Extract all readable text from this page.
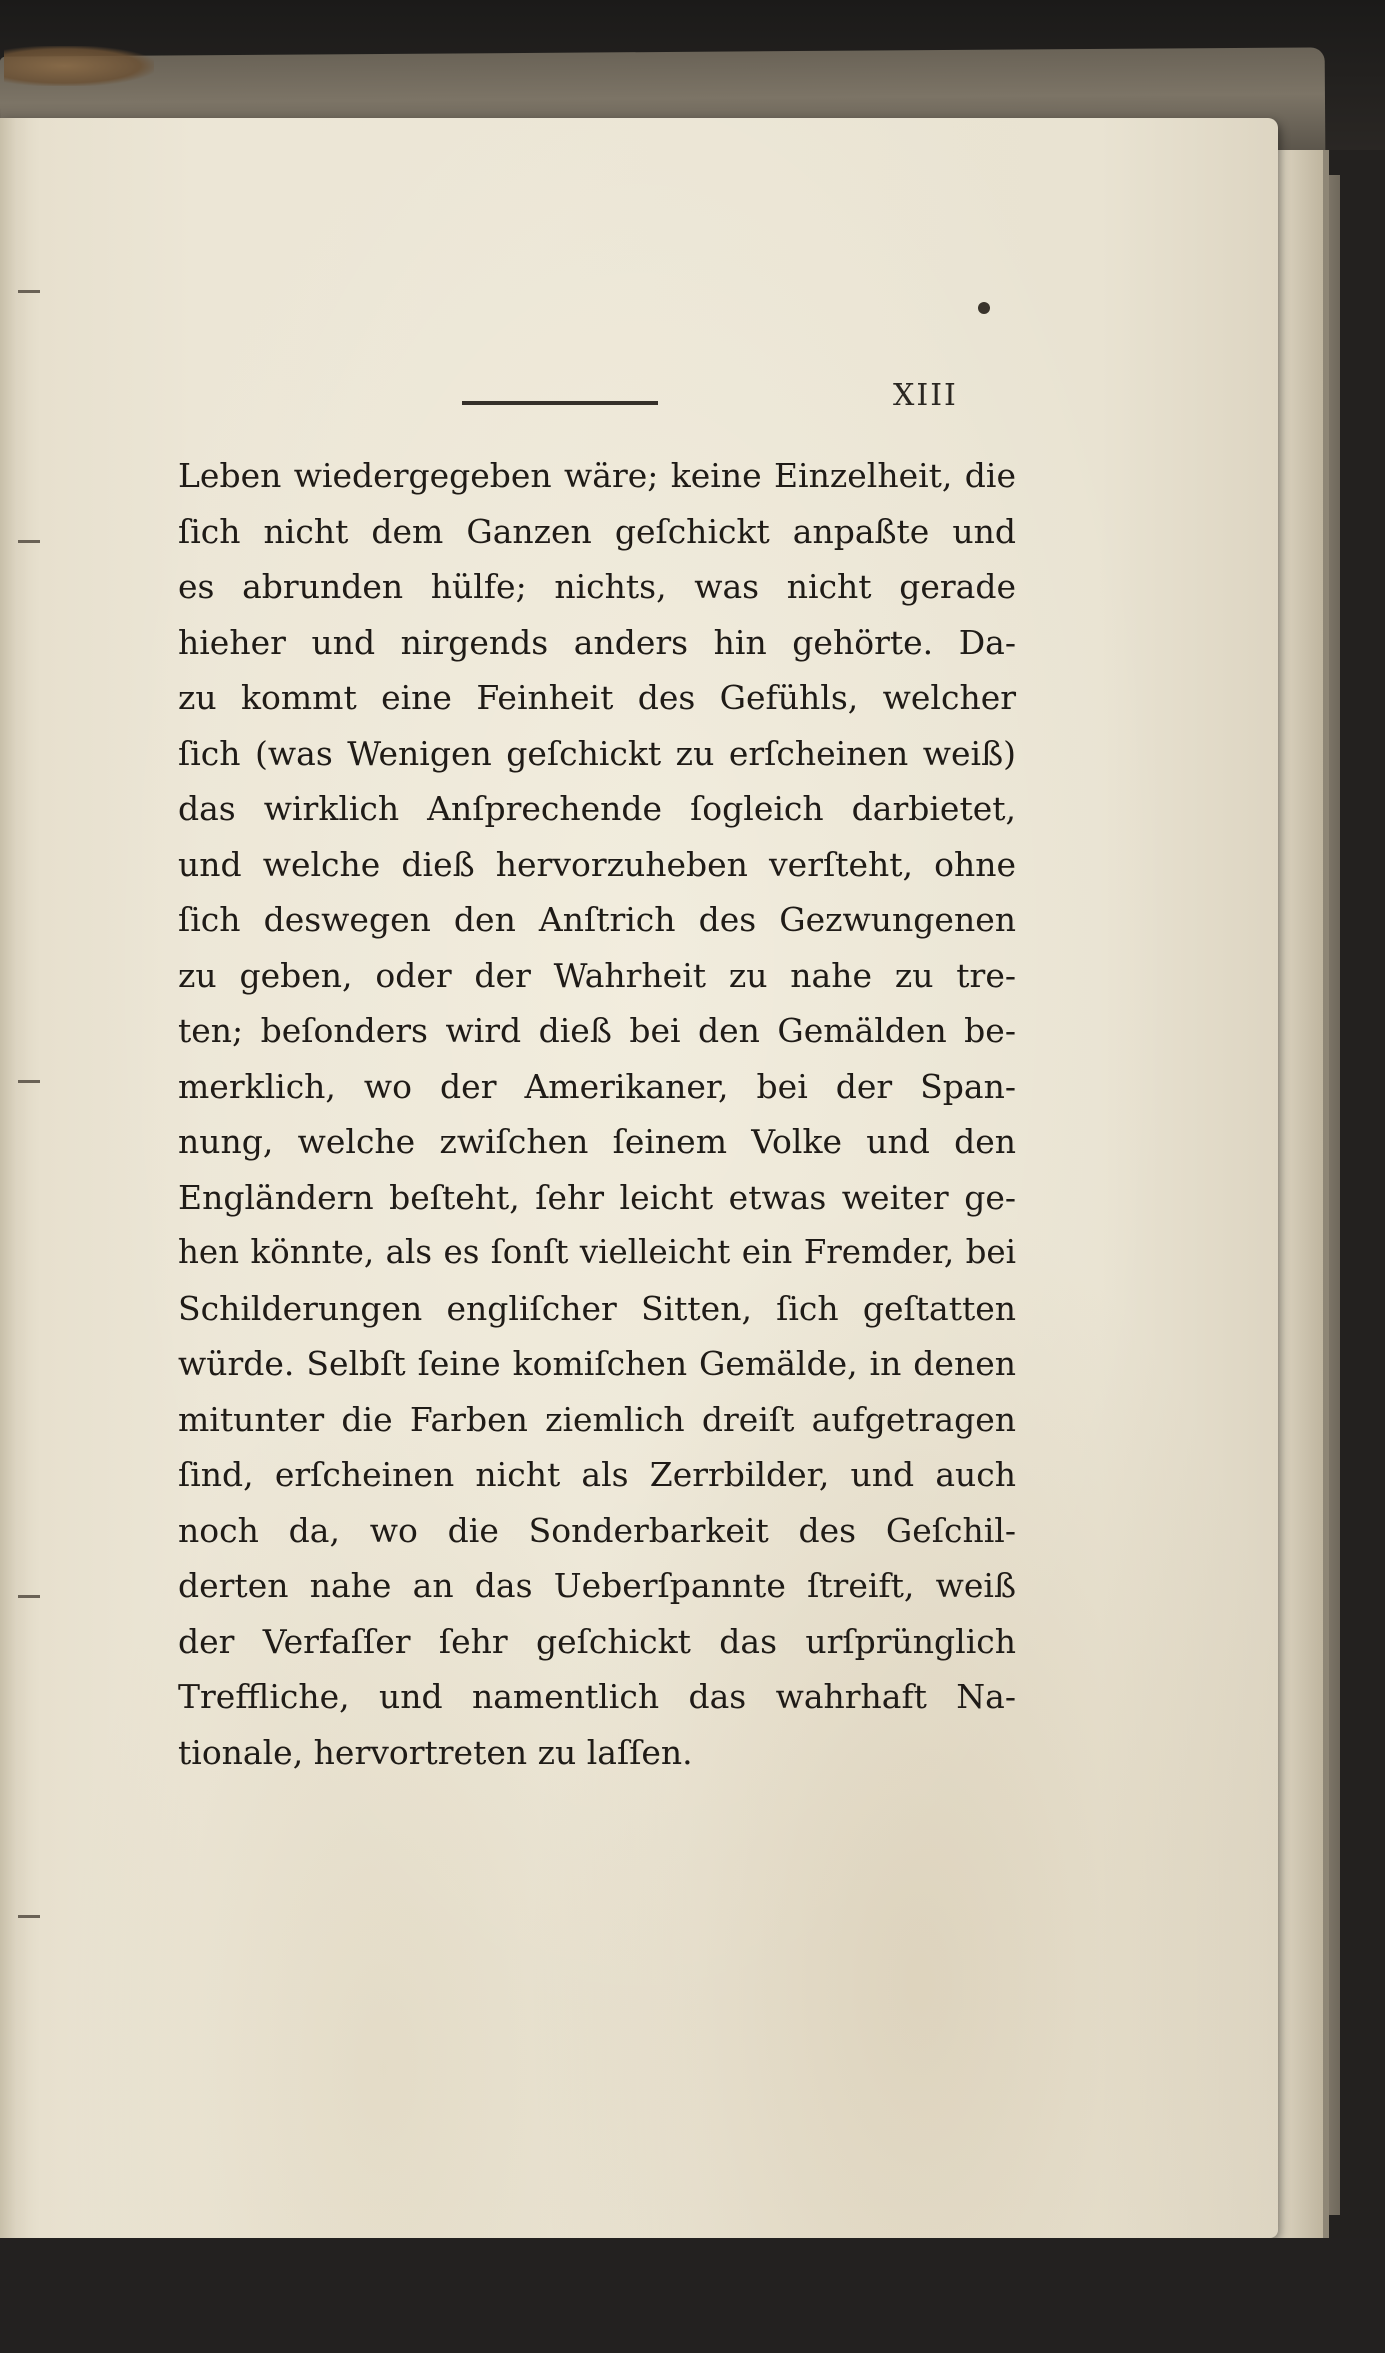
XIII
Leben wiedergegeben wäre; keine Einzelheit, die
ſich nicht dem Ganzen geſchickt anpaßte und
es abrunden hülfe; nichts, was nicht gerade
hieher und nirgends anders hin gehörte. Da-
zu kommt eine Feinheit des Gefühls, welcher
ſich (was Wenigen geſchickt zu erſcheinen weiß)
das wirklich Anſprechende ſogleich darbietet,
und welche dieß hervorzuheben verſteht, ohne
ſich deswegen den Anſtrich des Gezwungenen
zu geben, oder der Wahrheit zu nahe zu tre-
ten; beſonders wird dieß bei den Gemälden be-
merklich, wo der Amerikaner, bei der Span-
nung, welche zwiſchen ſeinem Volke und den
Engländern beſteht, ſehr leicht etwas weiter ge-
hen könnte, als es ſonſt vielleicht ein Fremder, bei
Schilderungen engliſcher Sitten, ſich geſtatten
würde. Selbſt ſeine komiſchen Gemälde, in denen
mitunter die Farben ziemlich dreiſt aufgetragen
ſind, erſcheinen nicht als Zerrbilder, und auch
noch da, wo die Sonderbarkeit des Geſchil-
derten nahe an das Ueberſpannte ſtreift, weiß
der Verfaſſer ſehr geſchickt das urſprünglich
Treffliche, und namentlich das wahrhaft Na-
tionale, hervortreten zu laſſen.
